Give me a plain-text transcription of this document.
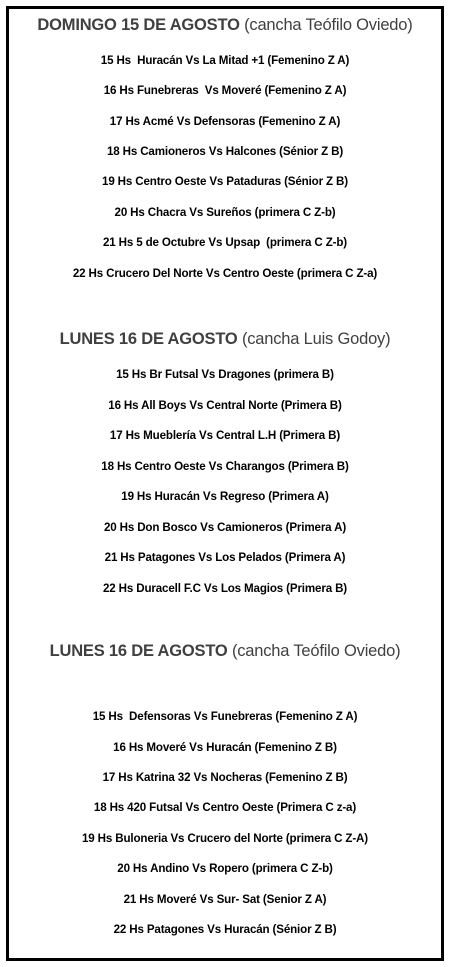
DOMINGO 15 DE AGOSTO (cancha Teófilo Oviedo)
15 Hs  Huracán Vs La Mitad +1 (Femenino Z A)
16 Hs Funebreras  Vs Moveré (Femenino Z A)
17 Hs Acmé Vs Defensoras (Femenino Z A)
18 Hs Camioneros Vs Halcones (Sénior Z B)
19 Hs Centro Oeste Vs Pataduras (Sénior Z B)
20 Hs Chacra Vs Sureños (primera C Z-b)
21 Hs 5 de Octubre Vs Upsap  (primera C Z-b)
22 Hs Crucero Del Norte Vs Centro Oeste (primera C Z-a)
LUNES 16 DE AGOSTO (cancha Luis Godoy)
15 Hs Br Futsal Vs Dragones (primera B)
16 Hs All Boys Vs Central Norte (Primera B)
17 Hs Mueblería Vs Central L.H (Primera B)
18 Hs Centro Oeste Vs Charangos (Primera B)
19 Hs Huracán Vs Regreso (Primera A)
20 Hs Don Bosco Vs Camioneros (Primera A)
21 Hs Patagones Vs Los Pelados (Primera A)
22 Hs Duracell F.C Vs Los Magios (Primera B)
LUNES 16 DE AGOSTO (cancha Teófilo Oviedo)
15 Hs  Defensoras Vs Funebreras (Femenino Z A)
16 Hs Moveré Vs Huracán (Femenino Z B)
17 Hs Katrina 32 Vs Nocheras (Femenino Z B)
18 Hs 420 Futsal Vs Centro Oeste (Primera C z-a)
19 Hs Buloneria Vs Crucero del Norte (primera C Z-A)
20 Hs Andino Vs Ropero (primera C Z-b)
21 Hs Moveré Vs Sur- Sat (Senior Z A)
22 Hs Patagones Vs Huracán (Sénior Z B)
